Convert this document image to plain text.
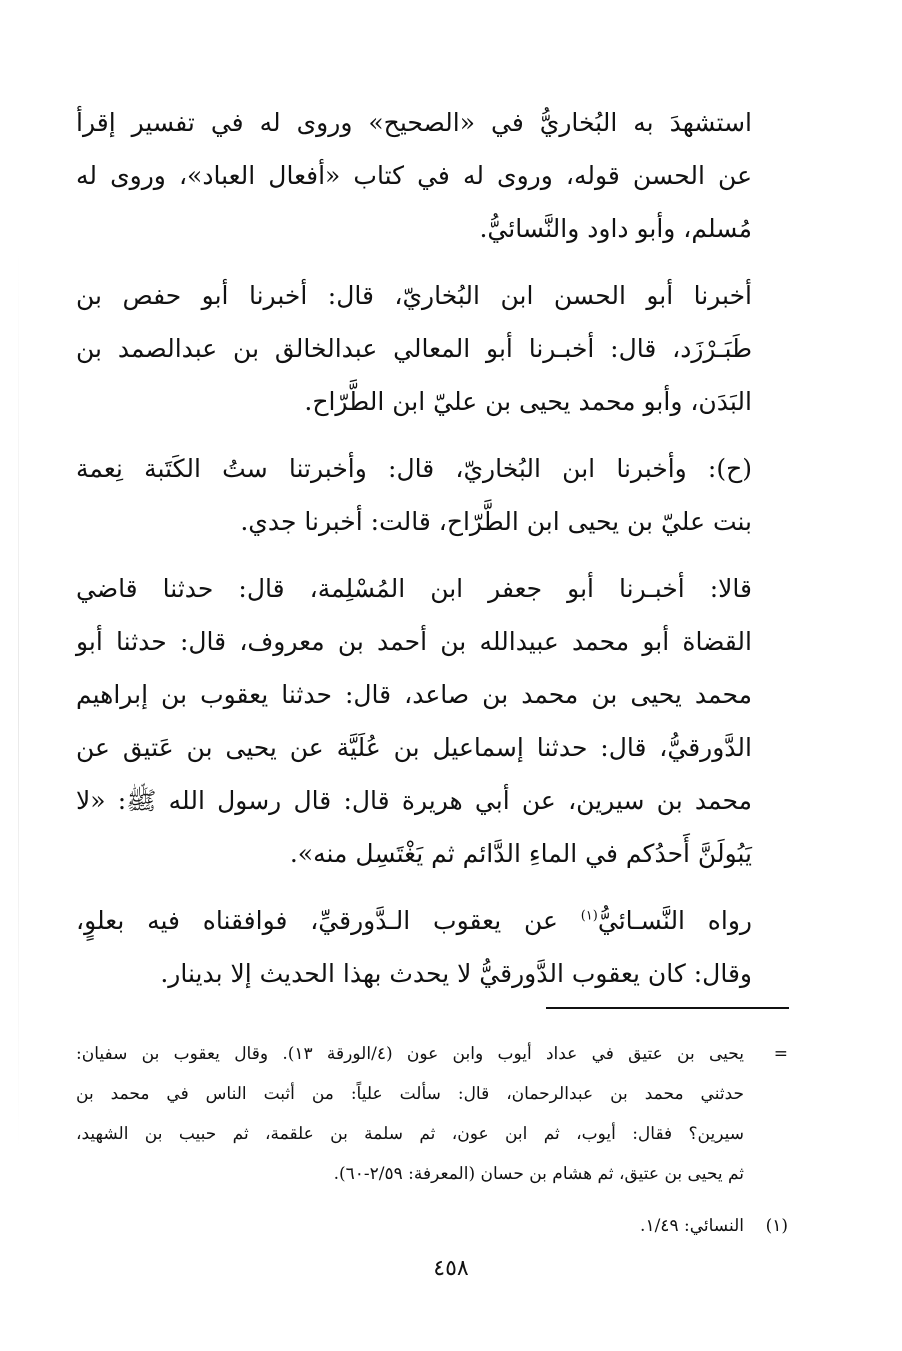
استشهدَ به البُخاريُّ في «الصحيح» وروى له في تفسير إقرأ
عن الحسن قوله، وروى له في كتاب «أفعال العباد»، وروى له
مُسلم، وأبو داود والنَّسائيُّ.

أخبرنا أبو الحسن ابن البُخاريّ، قال: أخبرنا أبو حفص بن
طَبَـرْزَد، قال: أخبـرنا أبو المعالي عبدالخالق بن عبدالصمد بن
البَدَن، وأبو محمد يحيى بن عليّ ابن الطَّرّاح.

(ح): وأخبرنا ابن البُخاريّ، قال: وأخبرتنا ستُ الكَتَبة نِعمة
بنت عليّ بن يحيى ابن الطَّرّاح، قالت: أخبرنا جدي.

قالا: أخبـرنا أبو جعفر ابن المُسْلِمة، قال: حدثنا قاضي
القضاة أبو محمد عبيدالله بن أحمد بن معروف، قال: حدثنا أبو
محمد يحيى بن محمد بن صاعد، قال: حدثنا يعقوب بن إبراهيم
الدَّورقيُّ، قال: حدثنا إسماعيل بن عُلَيَّة عن يحيى بن عَتيق عن
محمد بن سيرين، عن أبي هريرة قال: قال رسول الله ﷺ: «لا
يَبُولَنَّ أَحدُكم في الماءِ الدَّائم ثم يَغْتَسِل منه».

رواه النَّسـائيُّ$^{(١)}$ عن يعقوب الـدَّورقيِّ، فوافقناه فيه بعلوٍ،
وقال: كان يعقوب الدَّورقيُّ لا يحدث بهذا الحديث إلا بدينار.

=
يحيى بن عتيق في عداد أيوب وابن عون (٤/الورقة ١٣). وقال يعقوب بن سفيان:
حدثني محمد بن عبدالرحمان، قال: سألت علياً: من أثبت الناس في محمد بن
سيرين؟ فقال: أيوب، ثم ابن عون، ثم سلمة بن علقمة، ثم حبيب بن الشهيد،
ثم يحيى بن عتيق، ثم هشام بن حسان (المعرفة: ٢/٥٩-٦٠).
(١)
النسائي: ١/٤٩.
٤٥٨
